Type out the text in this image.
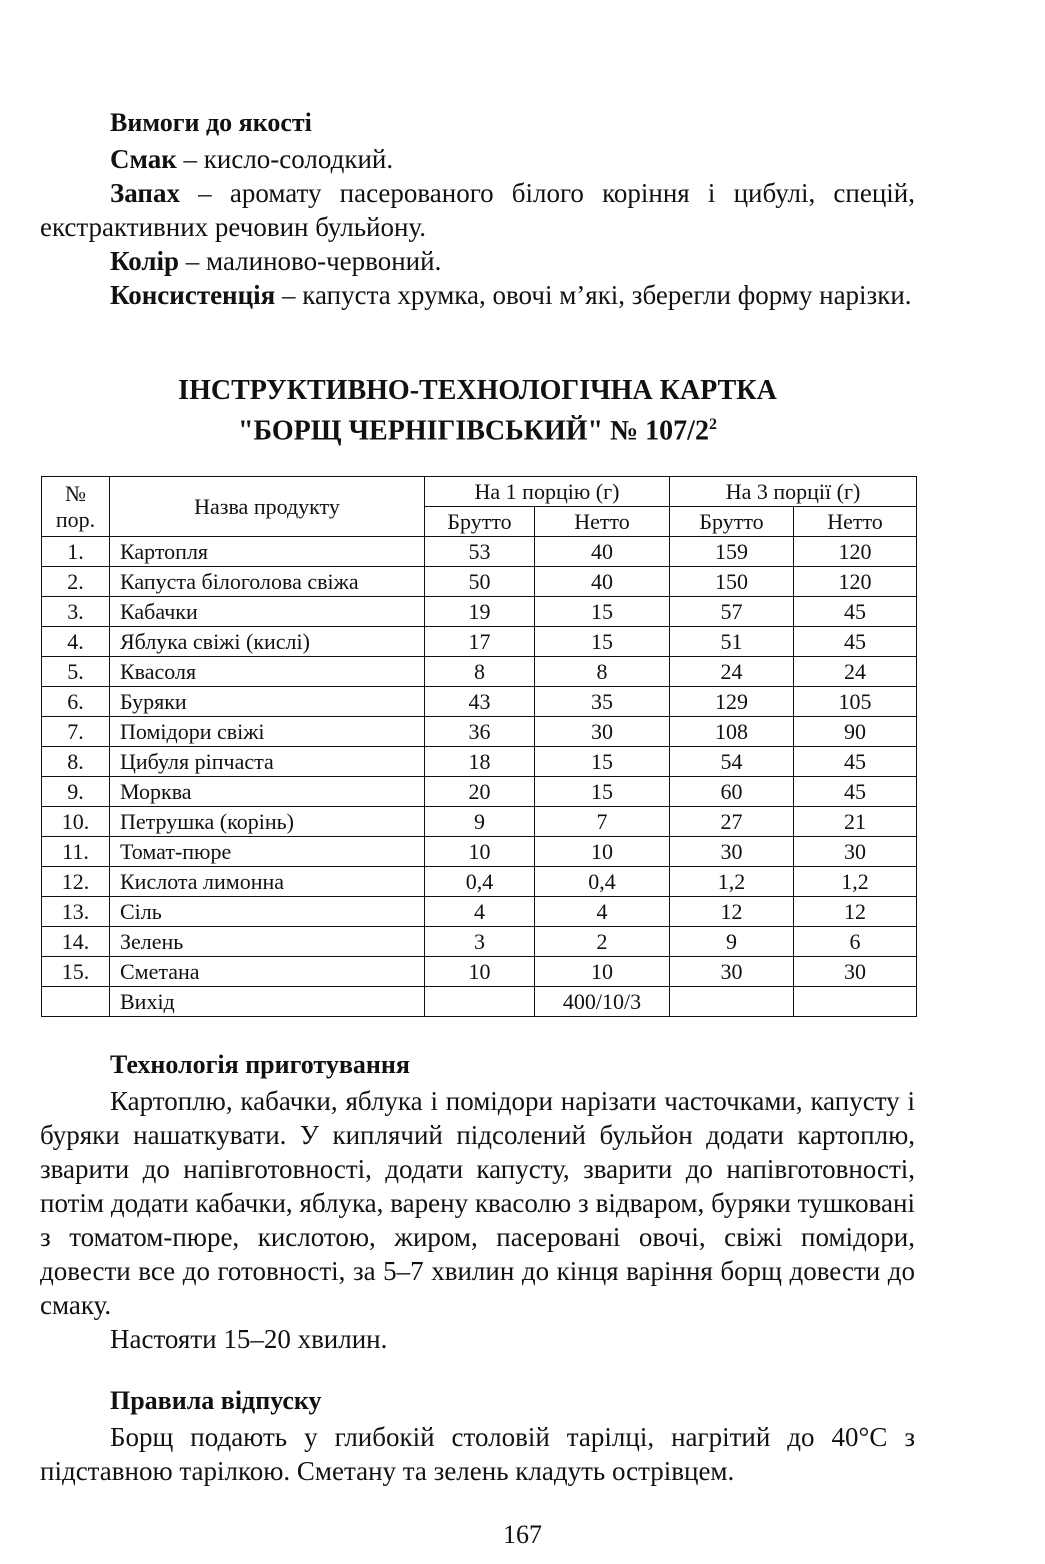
Вимоги до якості

Смак – кисло-солодкий.

Запах – аромату пасерованого білого коріння і цибулі, спецій, екстрактивних речовин бульйону.

Колір – малиново-червоний.

Консистенція – капуста хрумка, овочі м’які, зберегли форму нарізки.

ІНСТРУКТИВНО-ТЕХНОЛОГІЧНА КАРТКА

"БОРЩ ЧЕРНІГІВСЬКИЙ" № $107/2^2$

№
пор.	Назва продукту	На 1 порцію (г)		На 3 порції (г)	
		Брутто	Нетто	Брутто	Нетто
1.	Картопля	53	40	159	120
2.	Капуста білоголова свіжа	50	40	150	120
3.	Кабачки	19	15	57	45
4.	Яблука свіжі (кислі)	17	15	51	45
5.	Квасоля	8	8	24	24
6.	Буряки	43	35	129	105
7.	Помідори свіжі	36	30	108	90
8.	Цибуля ріпчаста	18	15	54	45
9.	Морква	20	15	60	45
10.	Петрушка (корінь)	9	7	27	21
11.	Томат-пюре	10	10	30	30
12.	Кислота лимонна	0,4	0,4	1,2	1,2
13.	Сіль	4	4	12	12
14.	Зелень	3	2	9	6
15.	Сметана	10	10	30	30
	Вихід		400/10/3		

Технологія приготування

Картоплю, кабачки, яблука і помідори нарізати часточками, капусту і буряки нашаткувати. У киплячий підсолений бульйон додати картоплю, зварити до напівготовності, додати капусту, зварити до напівготовності, потім додати кабачки, яблука, варену квасолю з відваром, буряки тушковані з томатом-пюре, кислотою, жиром, пасеровані овочі, свіжі помідори, довести все до готовності, за 5–7 хвилин до кінця варіння борщ довести до смаку.

Настояти 15–20 хвилин.

Правила відпуску

Борщ подають у глибокій столовій тарілці, нагрітий до 40°С з підставною тарілкою. Сметану та зелень кладуть острівцем.

167
